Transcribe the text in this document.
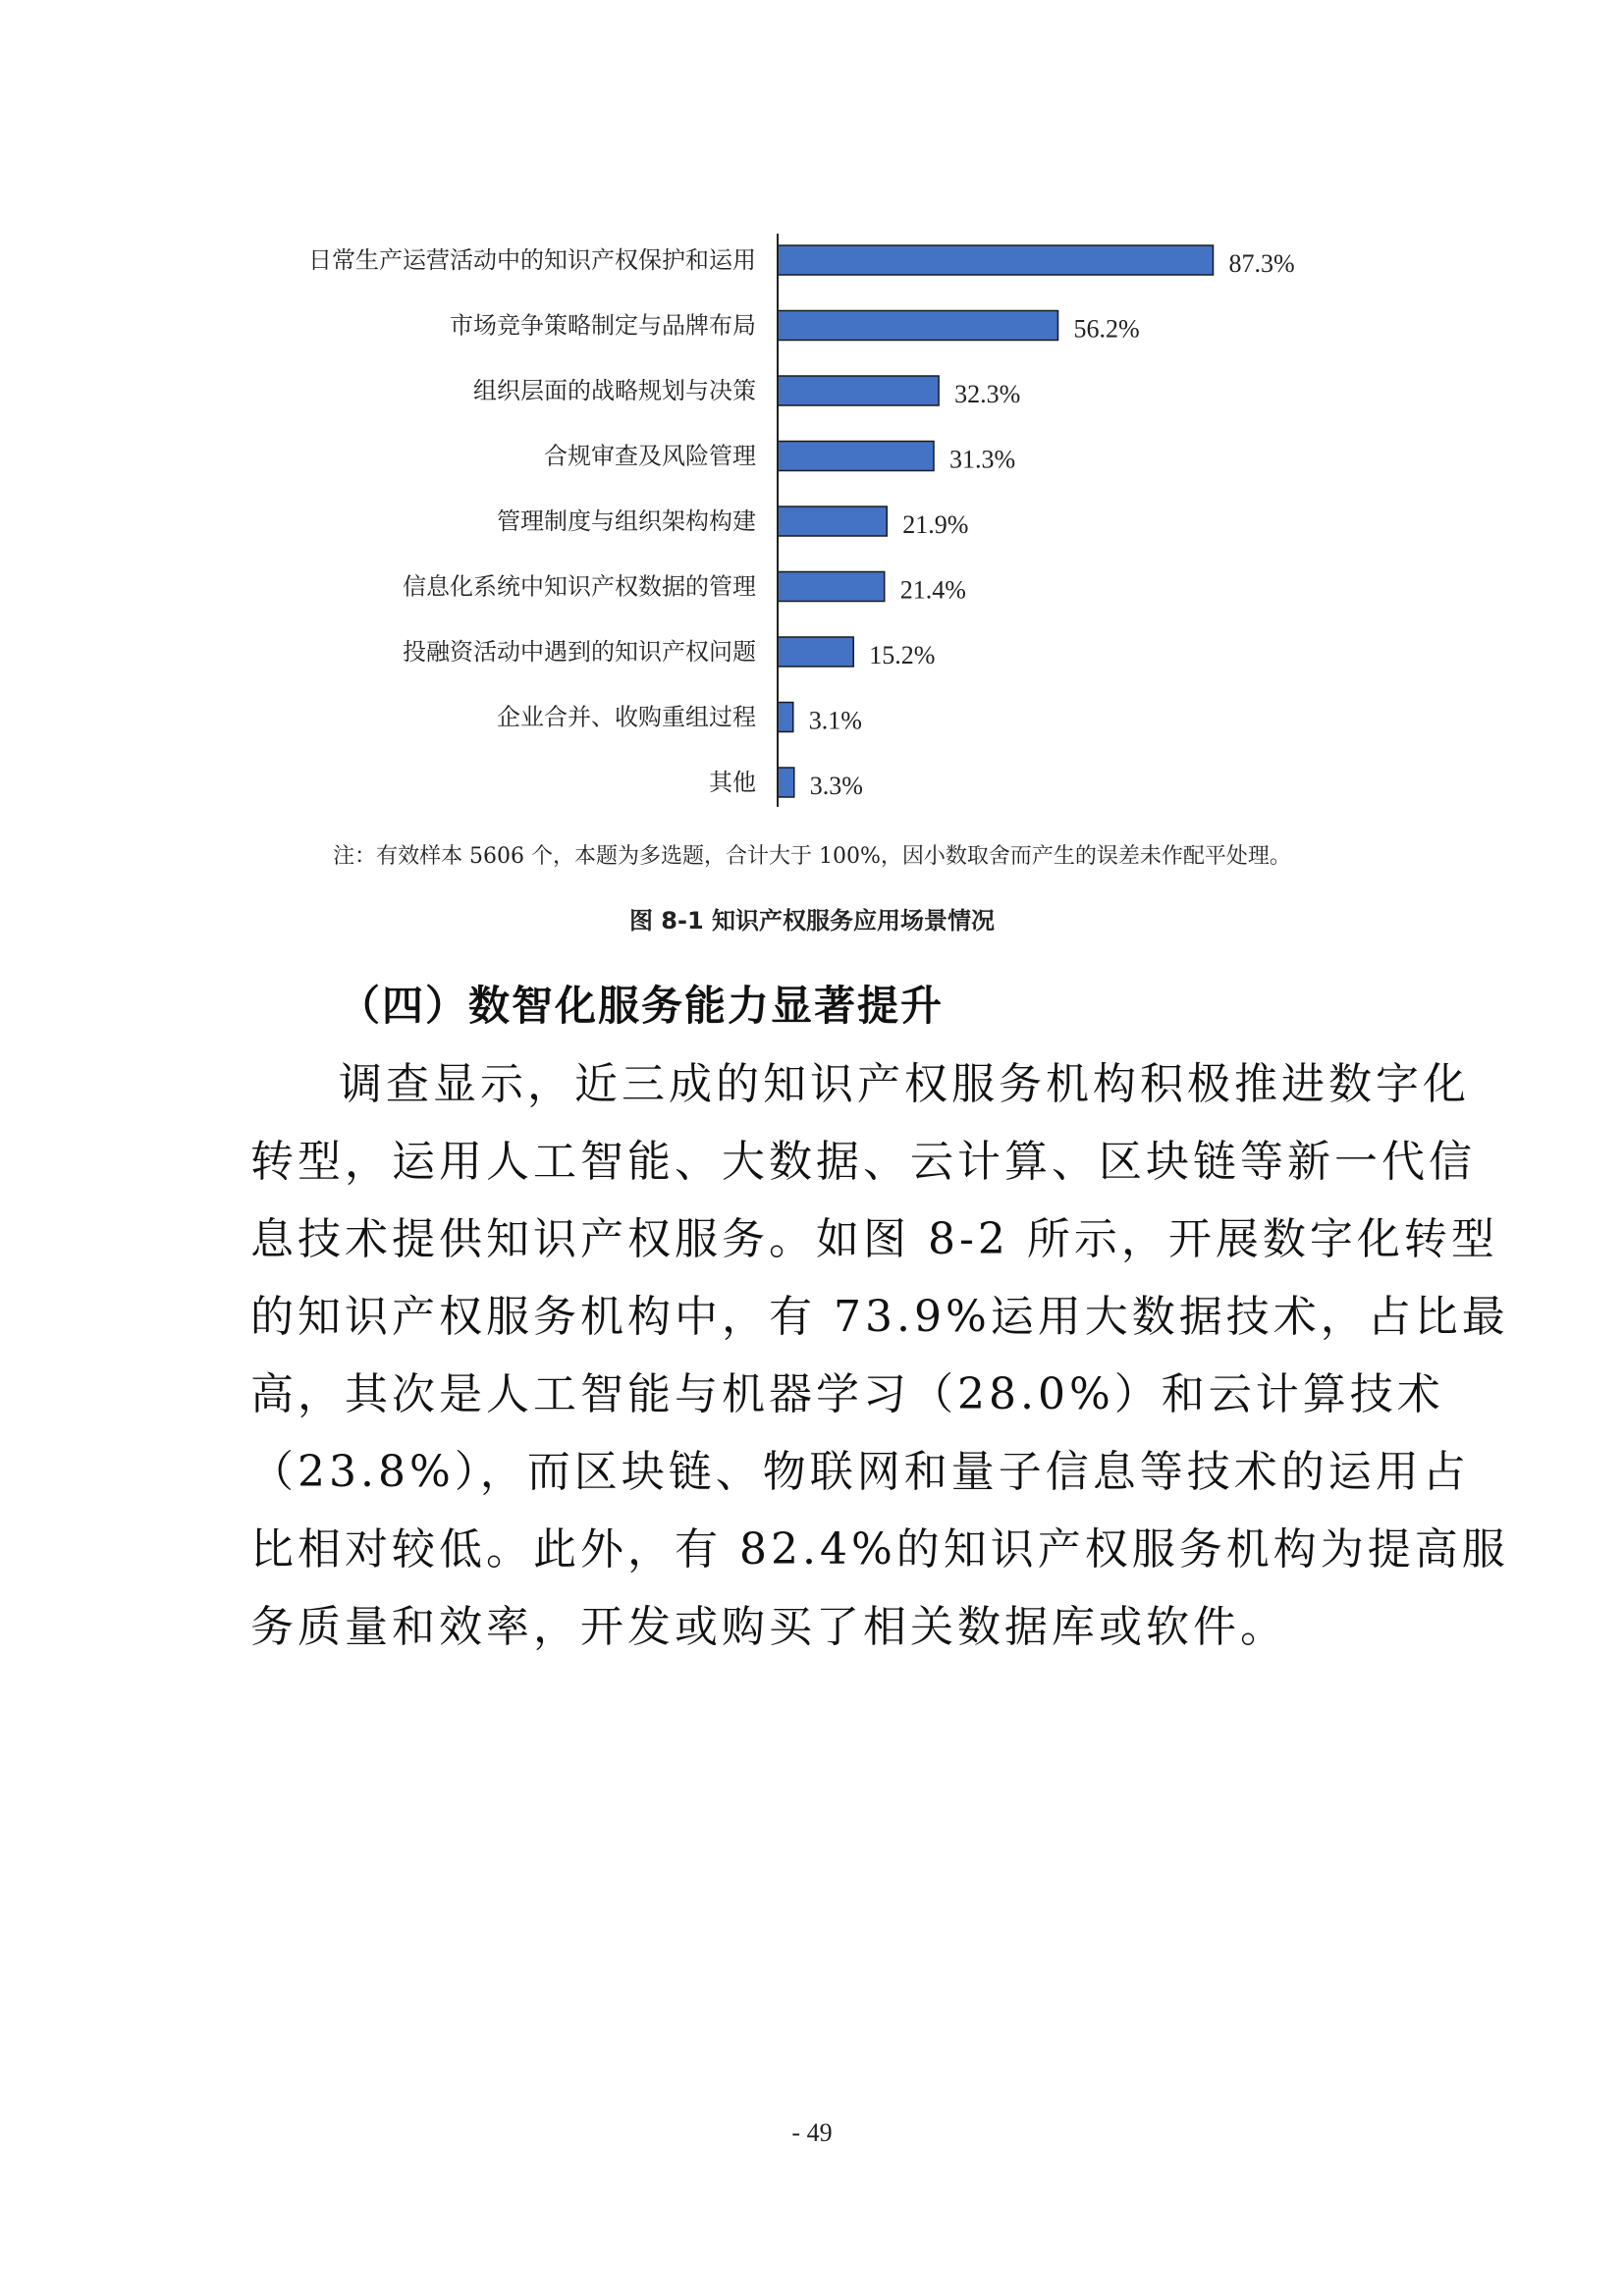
日常生产运营活动中的知识产权保护和运用	87.3%
市场竞争策略制定与品牌布局	56.2%
组织层面的战略规划与决策	32.3%
合规审查及风险管理	31.3%
管理制度与组织架构构建	21.9%
信息化系统中知识产权数据的管理	21.4%
投融资活动中遇到的知识产权问题	15.2%
企业合并、收购重组过程 3.1%
其他 3.3%
注：有效样本 5606 个，本题为多选题，合计大于 100%，因小数取舍而产生的误差未作配平处理。
图 8-1 知识产权服务应用场景情况
（四）数智化服务能力显著提升
调查显示，近三成的知识产权服务机构积极推进数字化
转型，运用人工智能、大数据、云计算、区块链等新一代信
息技术提供知识产权服务。如图 8-2 所示，开展数字化转型
的知识产权服务机构中，有 73.9%运用大数据技术，占比最
高，其次是人工智能与机器学习（28.0%）和云计算技术
（23.8%），而区块链、物联网和量子信息等技术的运用占
比相对较低。此外，有 82.4%的知识产权服务机构为提高服
务质量和效率，开发或购买了相关数据库或软件。
- 49
